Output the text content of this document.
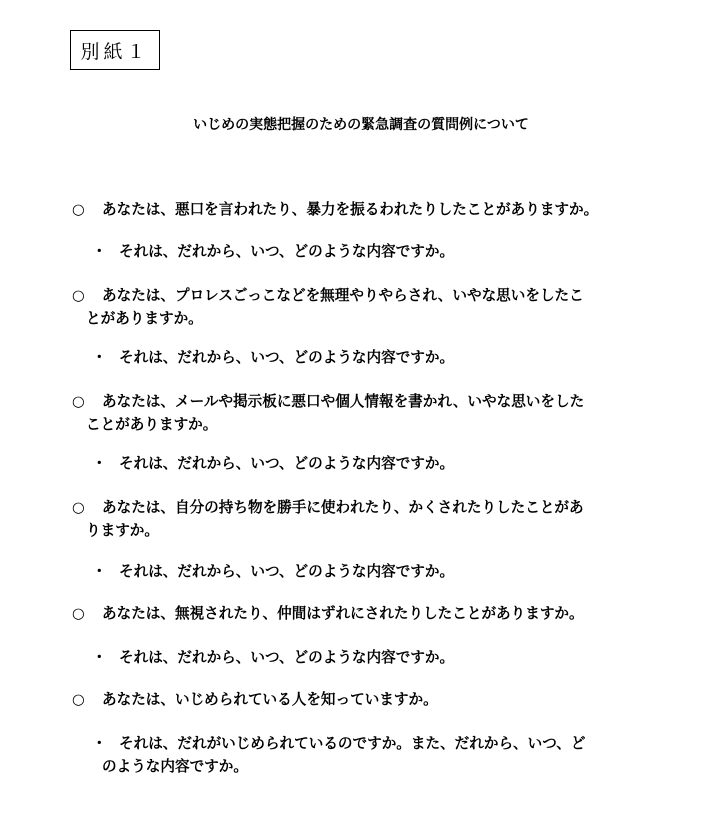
別紙１
いじめの実態把握のための緊急調査の質問例について
○ あなたは、悪口を言われたり、暴力を振るわれたりしたことがありますか。
・ それは、だれから、いつ、どのような内容ですか。
○ あなたは、プロレスごっこなどを無理やりやらされ、いやな思いをしたこ
とがありますか。
・ それは、だれから、いつ、どのような内容ですか。
○ あなたは、メールや掲示板に悪口や個人情報を書かれ、いやな思いをした
ことがありますか。
・ それは、だれから、いつ、どのような内容ですか。
○ あなたは、自分の持ち物を勝手に使われたり、かくされたりしたことがあ
りますか。
・ それは、だれから、いつ、どのような内容ですか。
○ あなたは、無視されたり、仲間はずれにされたりしたことがありますか。
・ それは、だれから、いつ、どのような内容ですか。
○ あなたは、いじめられている人を知っていますか。
・ それは、だれがいじめられているのですか。また、だれから、いつ、ど
のような内容ですか。
